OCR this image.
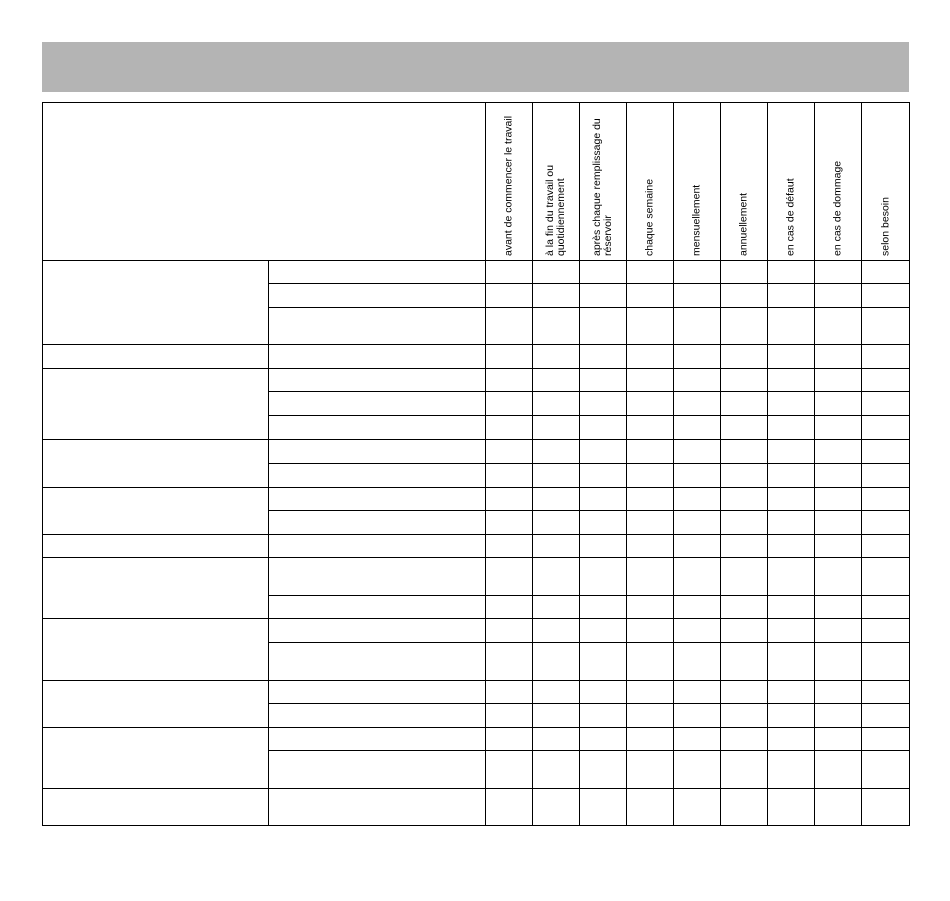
		avant de commencer le travail	à la fin du travail ou quotidiennement	après chaque remplissage du réservoir	chaque semaine	mensuellement	annuellement	en cas de défaut	en cas de dommage	selon besoin
